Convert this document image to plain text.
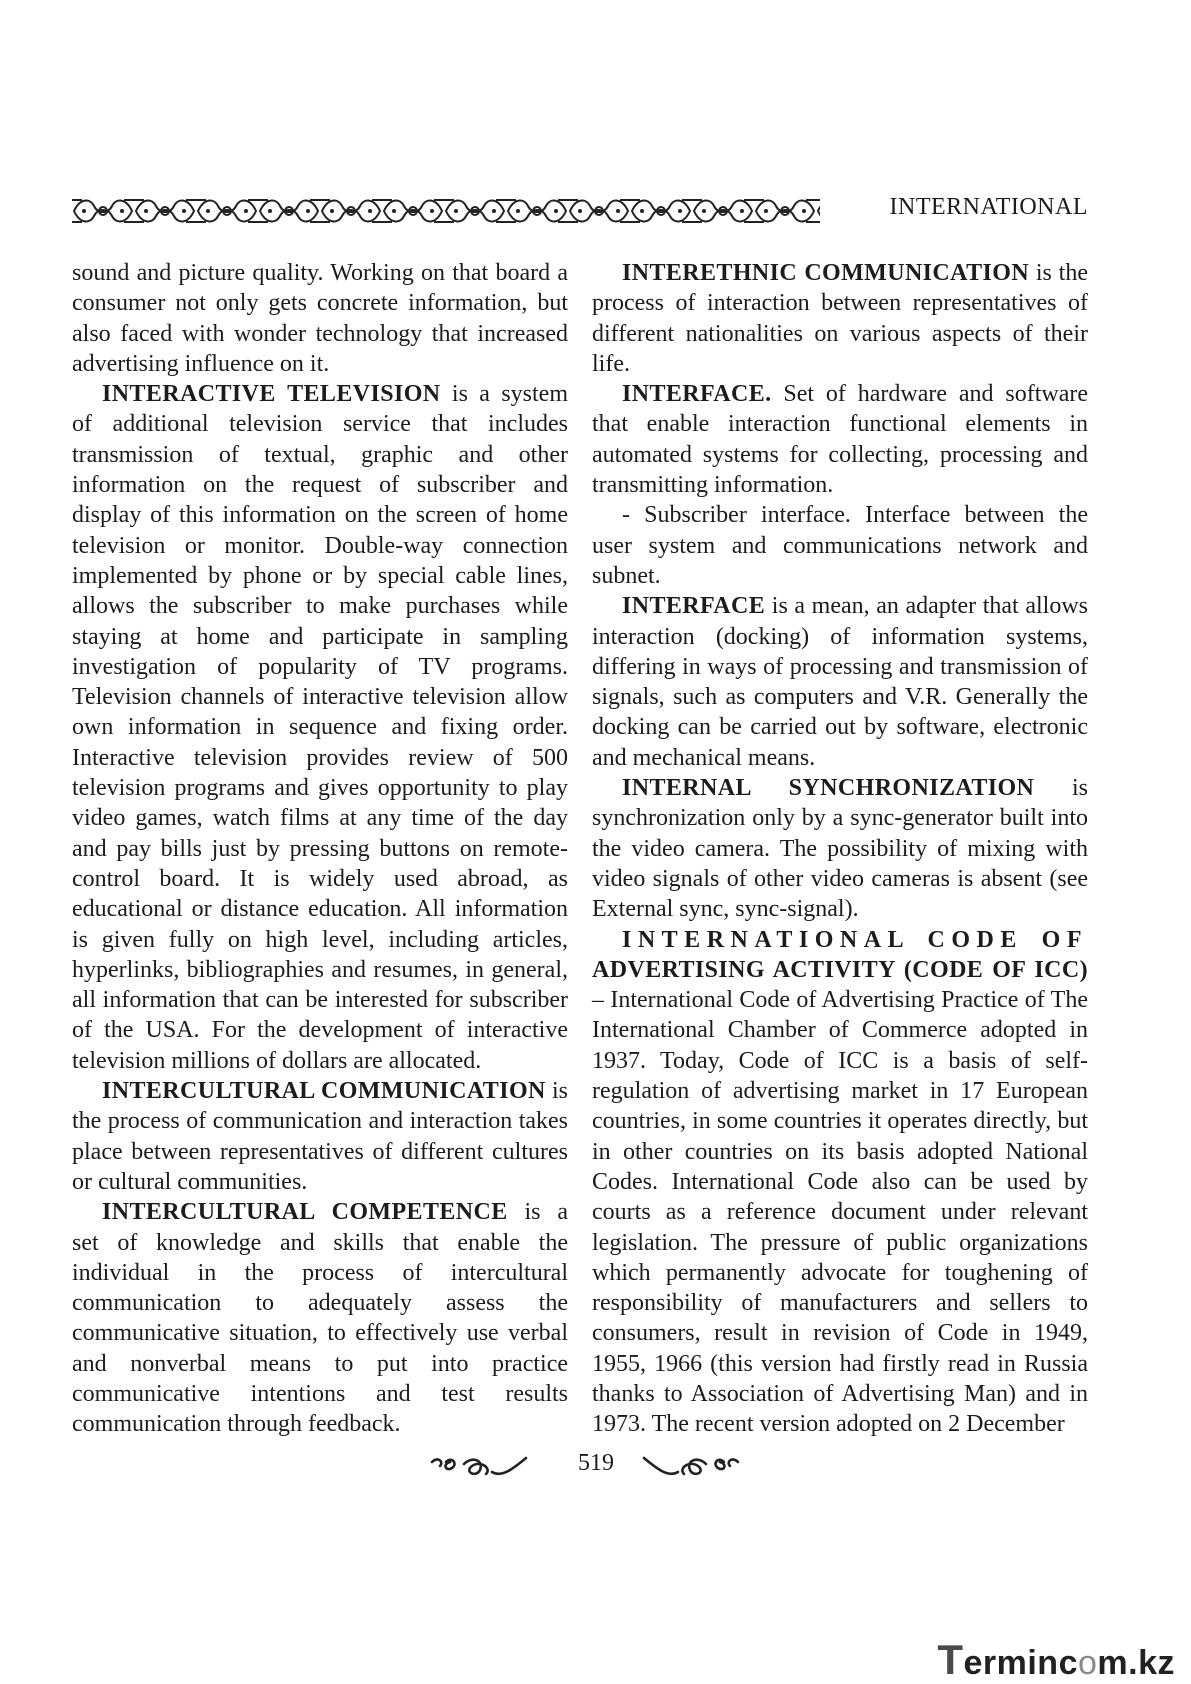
INTERNATIONAL

sound and picture quality. Working on that board a consumer not only gets concrete information, but also faced with wonder technology that increased advertising influence on it.

INTERACTIVE TELEVISION is a system of additional television service that includes transmission of textual, graphic and other information on the request of subscriber and display of this information on the screen of home television or monitor. Double-way connection implemented by phone or by special cable lines, allows the subscriber to make purchases while staying at home and participate in sampling investigation of popularity of TV programs. Television channels of interactive television allow own information in sequence and fixing order. Interactive television provides review of 500 television programs and gives opportunity to play video games, watch films at any time of the day and pay bills just by pressing buttons on remote-control board. It is widely used abroad, as educational or distance education. All information is given fully on high level, including articles, hyperlinks, bibliographies and resumes, in general, all information that can be interested for subscriber of the USA. For the development of interactive television millions of dollars are allocated.

INTERCULTURAL COMMUNICATION is the process of communication and interaction takes place between representatives of different cultures or cultural communities.

INTERCULTURAL COMPETENCE is a set of knowledge and skills that enable the individual in the process of intercultural communication to adequately assess the communicative situation, to effectively use verbal and nonverbal means to put into practice communicative intentions and test results communication through feedback.

INTERETHNIC COMMUNICATION is the process of interaction between representatives of different nationalities on various aspects of their life.

INTERFACE. Set of hardware and software that enable interaction functional elements in automated systems for collecting, processing and transmitting information.

- Subscriber interface. Interface between the user system and communications network and subnet.

INTERFACE is a mean, an adapter that allows interaction (docking) of information systems, differing in ways of processing and transmission of signals, such as computers and V.R. Generally the docking can be carried out by software, electronic and mechanical means.

INTERNAL SYNCHRONIZATION is synchronization only by a sync-generator built into the video camera. The possibility of mixing with video signals of other video cameras is absent (see External sync, sync-signal).

INTERNATIONAL CODE OF
ADVERTISING ACTIVITY (CODE OF ICC) – International Code of Advertising Practice of The International Chamber of Commerce adopted in 1937. Today, Code of ICC is a basis of self-regulation of advertising market in 17 European countries, in some countries it operates directly, but in other countries on its basis adopted National Codes. International Code also can be used by courts as a reference document under relevant legislation. The pressure of public organizations which permanently advocate for toughening of responsibility of manufacturers and sellers to consumers, result in revision of Code in 1949, 1955, 1966 (this version had firstly read in Russia thanks to Association of Advertising Man) and in 1973. The recent version adopted on 2 December

519
Termincom.kz
